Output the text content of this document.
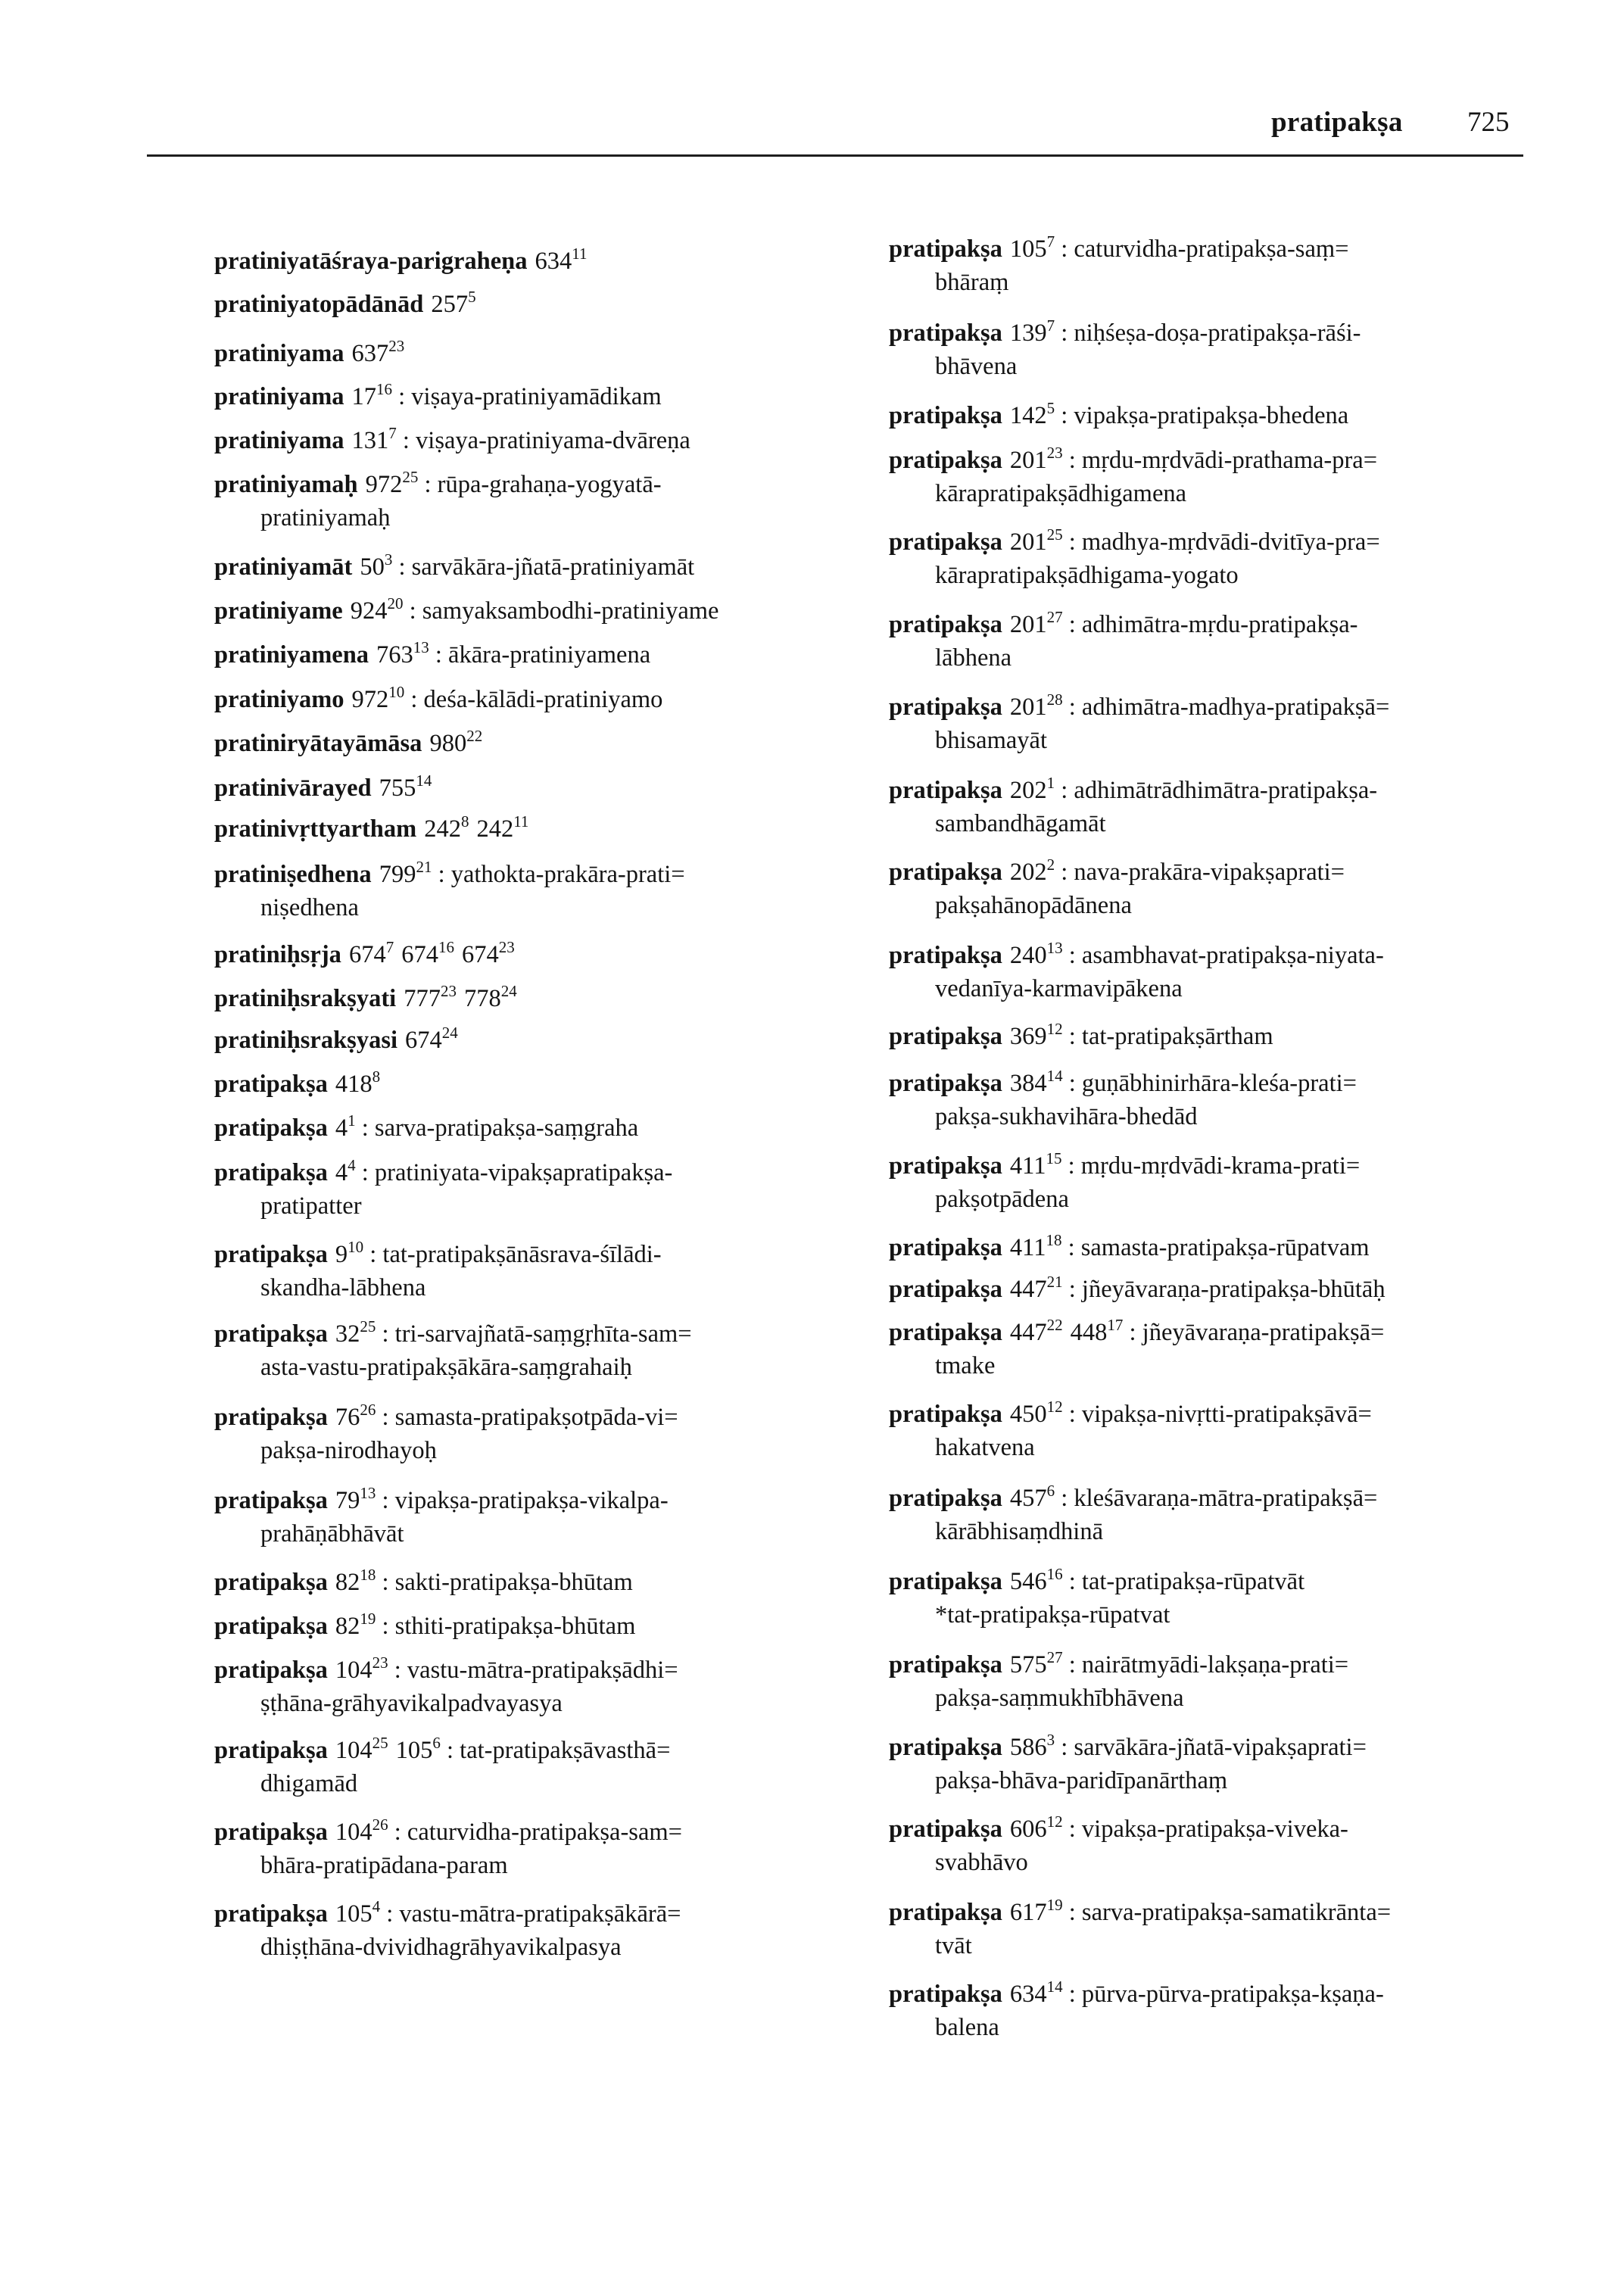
pratipakṣa 725
pratiniyatāśraya-parigraheṇa $634^{11}$
pratiniyatopādānād $257^5$
pratiniyama $637^{23}$
pratiniyama $17^{16}$ : viṣaya-pratiniyamādikam
pratiniyama $131^7$ : viṣaya-pratiniyama-dvāreṇa
pratiniyamaḥ $972^{25}$ : rūpa-grahaṇa-yogyatā-
pratiniyamaḥ
pratiniyamāt $50^3$ : sarvākāra-jñatā-pratiniyamāt
pratiniyame $924^{20}$ : samyaksambodhi-pratiniyame
pratiniyamena $763^{13}$ : ākāra-pratiniyamena
pratiniyamo $972^{10}$ : deśa-kālādi-pratiniyamo
pratiniryātayāmāsa $980^{22}$
pratinivārayed $755^{14}$
pratinivṛttyartham $242^8$ $242^{11}$
pratiniṣedhena $799^{21}$ : yathokta-prakāra-prati=
niṣedhena
pratiniḥsṛja $674^7$ $674^{16}$ $674^{23}$
pratiniḥsrakṣyati $777^{23}$ $778^{24}$
pratiniḥsrakṣyasi $674^{24}$
pratipakṣa $418^8$
pratipakṣa $4^1$ : sarva-pratipakṣa-saṃgraha
pratipakṣa $4^4$ : pratiniyata-vipakṣapratipakṣa-
pratipatter
pratipakṣa $9^{10}$ : tat-pratipakṣānāsrava-śīlādi-
skandha-lābhena
pratipakṣa $32^{25}$ : tri-sarvajñatā-saṃgṛhīta-sam=
asta-vastu-pratipakṣākāra-saṃgrahaiḥ
pratipakṣa $76^{26}$ : samasta-pratipakṣotpāda-vi=
pakṣa-nirodhayoḥ
pratipakṣa $79^{13}$ : vipakṣa-pratipakṣa-vikalpa-
prahāṇābhāvāt
pratipakṣa $82^{18}$ : sakti-pratipakṣa-bhūtam
pratipakṣa $82^{19}$ : sthiti-pratipakṣa-bhūtam
pratipakṣa $104^{23}$ : vastu-mātra-pratipakṣādhi=
ṣṭhāna-grāhyavikalpadvayasya
pratipakṣa $104^{25}$ $105^6$ : tat-pratipakṣāvasthā=
dhigamād
pratipakṣa $104^{26}$ : caturvidha-pratipakṣa-sam=
bhāra-pratipādana-param
pratipakṣa $105^4$ : vastu-mātra-pratipakṣākārā=
dhiṣṭhāna-dvividhagrāhyavikalpasya
pratipakṣa $105^7$ : caturvidha-pratipakṣa-saṃ=
bhāraṃ
pratipakṣa $139^7$ : niḥśeṣa-doṣa-pratipakṣa-rāśi-
bhāvena
pratipakṣa $142^5$ : vipakṣa-pratipakṣa-bhedena
pratipakṣa $201^{23}$ : mṛdu-mṛdvādi-prathama-pra=
kārapratipakṣādhigamena
pratipakṣa $201^{25}$ : madhya-mṛdvādi-dvitīya-pra=
kārapratipakṣādhigama-yogato
pratipakṣa $201^{27}$ : adhimātra-mṛdu-pratipakṣa-
lābhena
pratipakṣa $201^{28}$ : adhimātra-madhya-pratipakṣā=
bhisamayāt
pratipakṣa $202^1$ : adhimātrādhimātra-pratipakṣa-
sambandhāgamāt
pratipakṣa $202^2$ : nava-prakāra-vipakṣaprati=
pakṣahānopādānena
pratipakṣa $240^{13}$ : asambhavat-pratipakṣa-niyata-
vedanīya-karmavipākena
pratipakṣa $369^{12}$ : tat-pratipakṣārtham
pratipakṣa $384^{14}$ : guṇābhinirhāra-kleśa-prati=
pakṣa-sukhavihāra-bhedād
pratipakṣa $411^{15}$ : mṛdu-mṛdvādi-krama-prati=
pakṣotpādena
pratipakṣa $411^{18}$ : samasta-pratipakṣa-rūpatvam
pratipakṣa $447^{21}$ : jñeyāvaraṇa-pratipakṣa-bhūtāḥ
pratipakṣa $447^{22}$ $448^{17}$ : jñeyāvaraṇa-pratipakṣā=
tmake
pratipakṣa $450^{12}$ : vipakṣa-nivṛtti-pratipakṣāvā=
hakatvena
pratipakṣa $457^6$ : kleśāvaraṇa-mātra-pratipakṣā=
kārābhisaṃdhinā
pratipakṣa $546^{16}$ : tat-pratipakṣa-rūpatvāt
*tat-pratipakṣa-rūpatvat
pratipakṣa $575^{27}$ : nairātmyādi-lakṣaṇa-prati=
pakṣa-saṃmukhībhāvena
pratipakṣa $586^3$ : sarvākāra-jñatā-vipakṣaprati=
pakṣa-bhāva-paridīpanārthaṃ
pratipakṣa $606^{12}$ : vipakṣa-pratipakṣa-viveka-
svabhāvo
pratipakṣa $617^{19}$ : sarva-pratipakṣa-samatikrānta=
tvāt
pratipakṣa $634^{14}$ : pūrva-pūrva-pratipakṣa-kṣaṇa-
balena
